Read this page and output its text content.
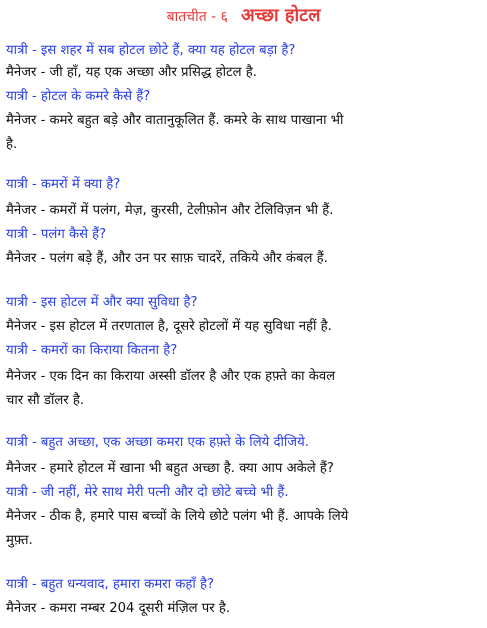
बातचीत - ६ अच्छा होटल
यात्री - इस शहर में सब होटल छोटे हैं, क्या यह होटल बड़ा है?
मैनेजर - जी हाँ, यह एक अच्छा और प्रसिद्ध होटल है.
यात्री - होटल के कमरे कैसे हैं?
मैनेजर - कमरे बहुत बड़े और वातानुकूलित हैं. कमरे के साथ पाखाना भी
है.
यात्री - कमरों में क्या है?
मैनेजर - कमरों में पलंग, मेज़, कुरसी, टेलीफ़ोन और टेलिविज़न भी हैं.
यात्री - पलंग कैसे हैं?
मैनेजर - पलंग बड़े हैं, और उन पर साफ़ चादरें, तकिये और कंबल हैं.
यात्री - इस होटल में और क्या सुविधा है?
मैनेजर - इस होटल में तरणताल है, दूसरे होटलों में यह सुविधा नहीं है.
यात्री - कमरों का किराया कितना है?
मैनेजर - एक दिन का किराया अस्सी डॉलर है और एक हफ़्ते का केवल
चार सौ डॉलर है.
यात्री - बहुत अच्छा, एक अच्छा कमरा एक हफ़्ते के लिये दीजिये.
मैनेजर - हमारे होटल में खाना भी बहुत अच्छा है. क्या आप अकेले हैं?
यात्री - जी नहीं, मेरे साथ मेरी पत्नी और दो छोटे बच्चे भी हैं.
मैनेजर - ठीक है, हमारे पास बच्चों के लिये छोटे पलंग भी हैं. आपके लिये
मुफ़्त.
यात्री - बहुत धन्यवाद, हमारा कमरा कहाँ है?
मैनेजर - कमरा नम्बर 204 दूसरी मंज़िल पर है.
